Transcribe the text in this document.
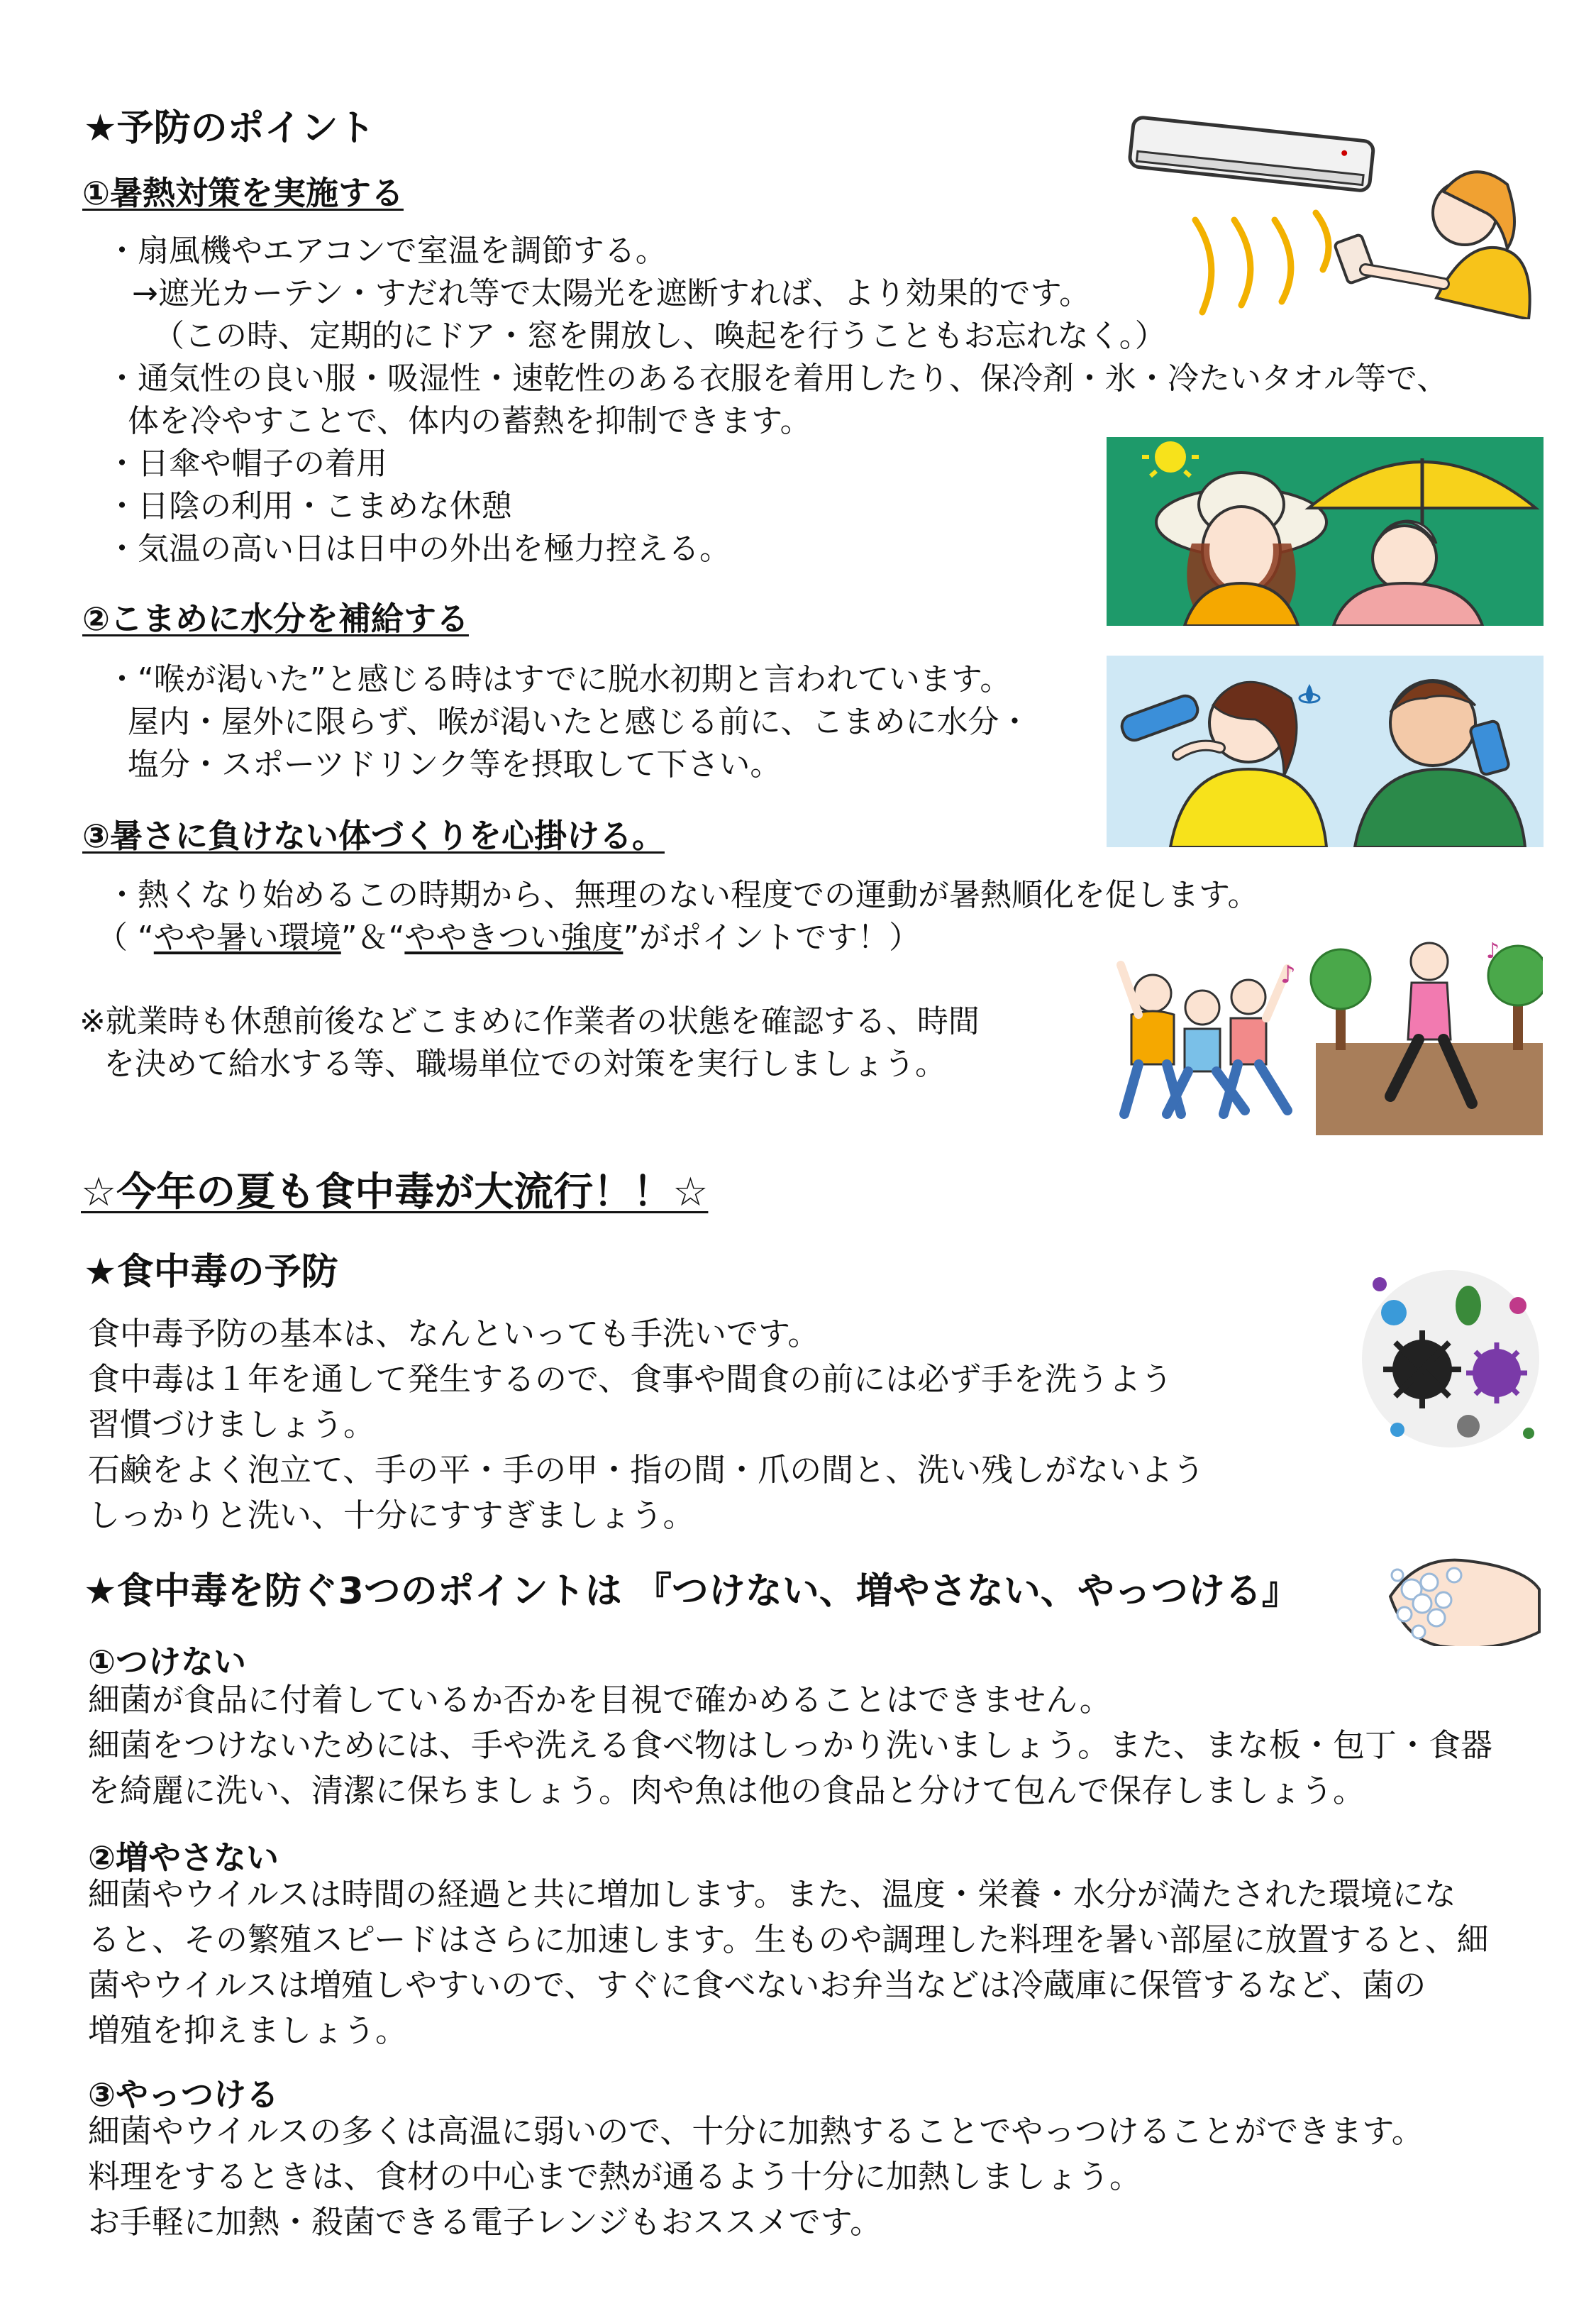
★予防のポイント
①暑熱対策を実施する
・扇風機やエアコンで室温を調節する。
→遮光カーテン・すだれ等で太陽光を遮断すれば、より効果的です。
（この時、定期的にドア・窓を開放し、喚起を行うこともお忘れなく。）
・通気性の良い服・吸湿性・速乾性のある衣服を着用したり、保冷剤・氷・冷たいタオル等で、
体を冷やすことで、体内の蓄熱を抑制できます。
・日傘や帽子の着用
・日陰の利用・こまめな休憩
・気温の高い日は日中の外出を極力控える。
②こまめに水分を補給する
・“喉が渇いた”と感じる時はすでに脱水初期と言われています。
屋内・屋外に限らず、喉が渇いたと感じる前に、こまめに水分・
塩分・スポーツドリンク等を摂取して下さい。
③暑さに負けない体づくりを心掛ける。
・熱くなり始めるこの時期から、無理のない程度での運動が暑熱順化を促します。
（ “やや暑い環境”＆“ややきつい強度”がポイントです！）
※就業時も休憩前後などこまめに作業者の状態を確認する、時間
を決めて給水する等、職場単位での対策を実行しましょう。
♪
♪
☆今年の夏も食中毒が大流行！！☆
★食中毒の予防
食中毒予防の基本は、なんといっても手洗いです。
食中毒は１年を通して発生するので、食事や間食の前には必ず手を洗うよう
習慣づけましょう。
石鹸をよく泡立て、手の平・手の甲・指の間・爪の間と、洗い残しがないよう
しっかりと洗い、十分にすすぎましょう。
★食中毒を防ぐ3つのポイントは 『つけない、増やさない、やっつける』
①つけない
細菌が食品に付着しているか否かを目視で確かめることはできません。
細菌をつけないためには、手や洗える食べ物はしっかり洗いましょう。また、まな板・包丁・食器
を綺麗に洗い、清潔に保ちましょう。肉や魚は他の食品と分けて包んで保存しましょう。
②増やさない
細菌やウイルスは時間の経過と共に増加します。また、温度・栄養・水分が満たされた環境にな
ると、その繁殖スピードはさらに加速します。生ものや調理した料理を暑い部屋に放置すると、細
菌やウイルスは増殖しやすいので、すぐに食べないお弁当などは冷蔵庫に保管するなど、菌の
増殖を抑えましょう。
③やっつける
細菌やウイルスの多くは高温に弱いので、十分に加熱することでやっつけることができます。
料理をするときは、食材の中心まで熱が通るよう十分に加熱しましょう。
お手軽に加熱・殺菌できる電子レンジもおススメです。
